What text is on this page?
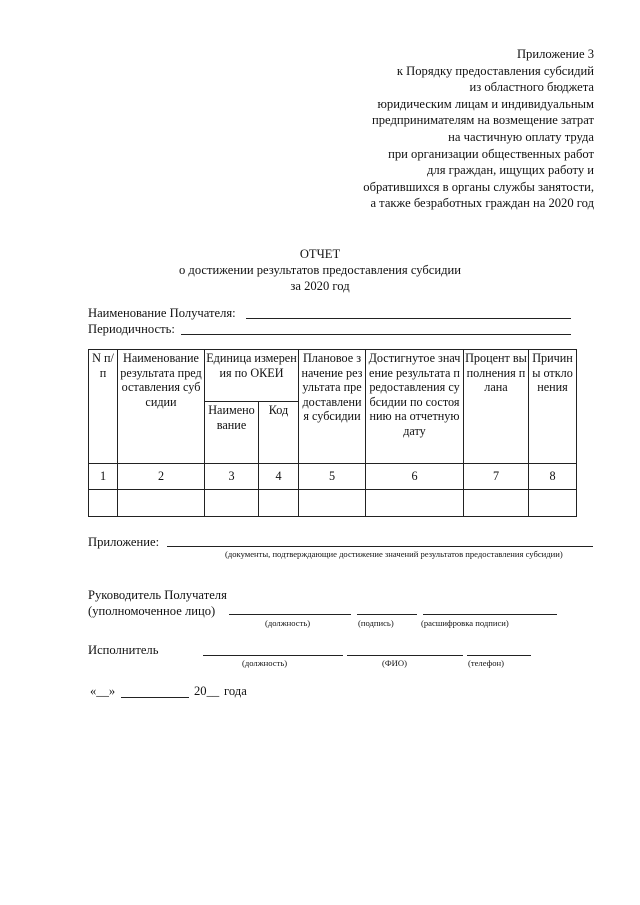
Приложение 3
к Порядку предоставления субсидий
из областного бюджета
юридическим лицам и индивидуальным
предпринимателям на возмещение затрат
на частичную оплату труда
при организации общественных работ
для граждан, ищущих работу и
обратившихся в органы службы занятости,
а также безработных граждан на 2020 год
ОТЧЕТ
о достижении результатов предоставления субсидии
за 2020 год
Наименование Получателя:
Периодичность:
N п/п	Наименование результата предоставления субсидии	Единица измерения по ОКЕИ		Плановое значение результата предоставления субсидии	Достигнутое значение результата предоставления субсидии по состоянию на отчетную дату	Процент выполнения плана	Причины отклонения
		Наименование	Код				
1	2	3	4	5	6	7	8

Приложение:
(документы, подтверждающие достижение значений результатов предоставления субсидии)
Руководитель Получателя
(уполномоченное лицо)
(должность)	(подпись)	(расшифровка подписи)
Исполнитель
(должность)	(ФИО)	(телефон)
«__»	20__ года
